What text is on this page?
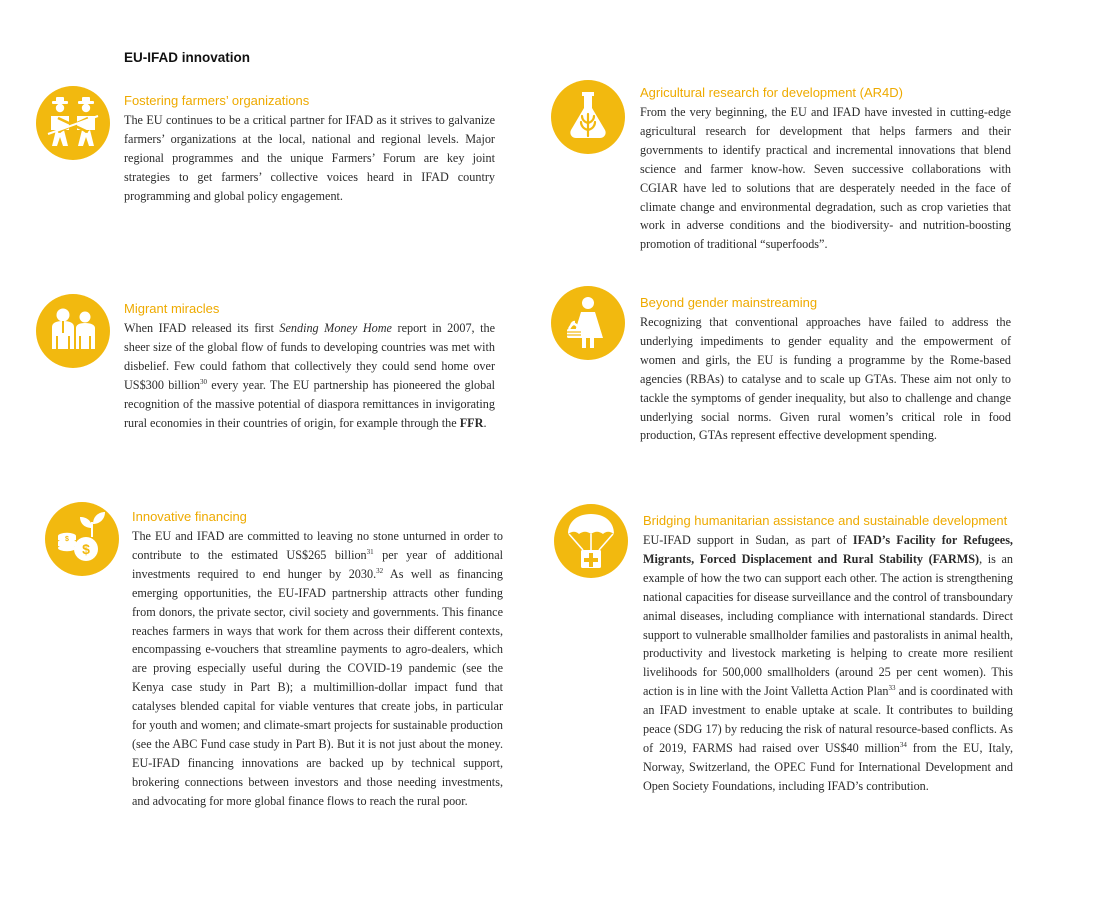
EU-IFAD innovation
Fostering farmers’ organizations

The EU continues to be a critical partner for IFAD as it strives to galvanize farmers’ organizations at the local, national and regional levels. Major regional programmes and the unique Farmers’ Forum are key joint strategies to get farmers’ collective voices heard in IFAD country programming and global policy engagement.

Agricultural research for development (AR4D)

From the very beginning, the EU and IFAD have invested in cutting-edge agricultural research for development that helps farmers and their governments to identify practical and incremental innovations that blend science and farmer know-how. Seven successive collaborations with CGIAR have led to solutions that are desperately needed in the face of climate change and environmental degradation, such as crop varieties that work in adverse conditions and the biodiversity- and nutrition-boosting promotion of traditional “superfoods”.

Migrant miracles

When IFAD released its first Sending Money Home report in 2007, the sheer size of the global flow of funds to developing countries was met with disbelief. Few could fathom that collectively they could send home over US$300 billion$^{30}$ every year. The EU partnership has pioneered the global recognition of the massive potential of diaspora remittances in invigorating rural economies in their countries of origin, for example through the FFR.

Beyond gender mainstreaming

Recognizing that conventional approaches have failed to address the underlying impediments to gender equality and the empowerment of women and girls, the EU is funding a programme by the Rome-based agencies (RBAs) to catalyse and to scale up GTAs. These aim not only to tackle the symptoms of gender inequality, but also to challenge and change underlying social norms. Given rural women’s critical role in food production, GTAs represent effective development spending.

$
$
Innovative financing

The EU and IFAD are committed to leaving no stone unturned in order to contribute to the estimated US$265 billion$^{31}$ per year of additional investments required to end hunger by 2030.32 As well as financing emerging opportunities, the EU-IFAD partnership attracts other funding from donors, the private sector, civil society and governments. This finance reaches farmers in ways that work for them across their different contexts, encompassing e-vouchers that streamline payments to agro-dealers, which are proving especially useful during the COVID-19 pandemic (see the Kenya case study in Part B); a multimillion-dollar impact fund that catalyses blended capital for viable ventures that create jobs, in particular for youth and women; and climate-smart projects for sustainable production (see the ABC Fund case study in Part B). But it is not just about the money. EU-IFAD financing innovations are backed up by technical support, brokering connections between investors and those needing investments, and advocating for more global finance flows to reach the rural poor.

Bridging humanitarian assistance and sustainable development

EU-IFAD support in Sudan, as part of IFAD’s Facility for Refugees, Migrants, Forced Displacement and Rural Stability (FARMS), is an example of how the two can support each other. The action is strengthening national capacities for disease surveillance and the control of transboundary animal diseases, including compliance with international standards. Direct support to vulnerable smallholder families and pastoralists in animal health, productivity and livestock marketing is helping to create more resilient livelihoods for 500,000 smallholders (around 25 per cent women). This action is in line with the Joint Valletta Action Plan$^{33}$ and is coordinated with an IFAD investment to enable uptake at scale. It contributes to building peace (SDG 17) by reducing the risk of natural resource-based conflicts. As of 2019, FARMS had raised over US$40 million$^{34}$ from the EU, Italy, Norway, Switzerland, the OPEC Fund for International Development and Open Society Foundations, including IFAD’s contribution.
